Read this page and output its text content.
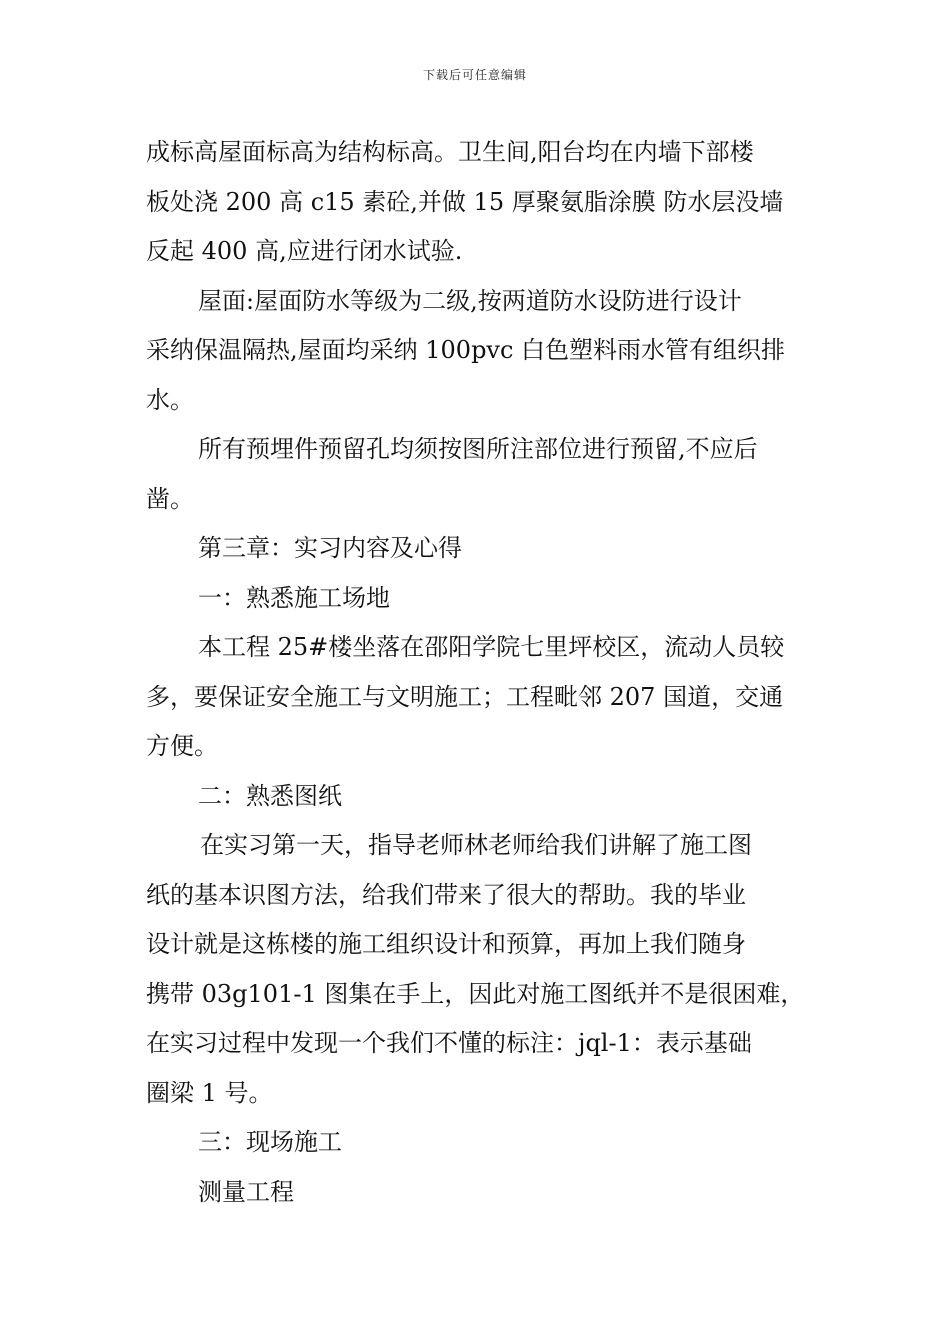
下载后可任意编辑
成标高屋面标高为结构标高。卫生间,阳台均在内墙下部楼
板处浇 200 高 c15 素砼,并做 15 厚聚氨脂涂膜 防水层没墙
反起 400 高,应进行闭水试验.
屋面:屋面防水等级为二级,按两道防水设防进行设计
采纳保温隔热,屋面均采纳 100pvc 白色塑料雨水管有组织排
水。
所有预埋件预留孔均须按图所注部位进行预留,不应后
凿。
第三章：实习内容及心得
一：熟悉施工场地
本工程 25#楼坐落在邵阳学院七里坪校区，流动人员较
多，要保证安全施工与文明施工；工程毗邻 207 国道，交通
方便。
二：熟悉图纸
在实习第一天，指导老师林老师给我们讲解了施工图
纸的基本识图方法，给我们带来了很大的帮助。我的毕业
设计就是这栋楼的施工组织设计和预算，再加上我们随身
携带 03g101-1 图集在手上，因此对施工图纸并不是很困难，
在实习过程中发现一个我们不懂的标注：jql-1：表示基础
圈梁 1 号。
三：现场施工
测量工程
